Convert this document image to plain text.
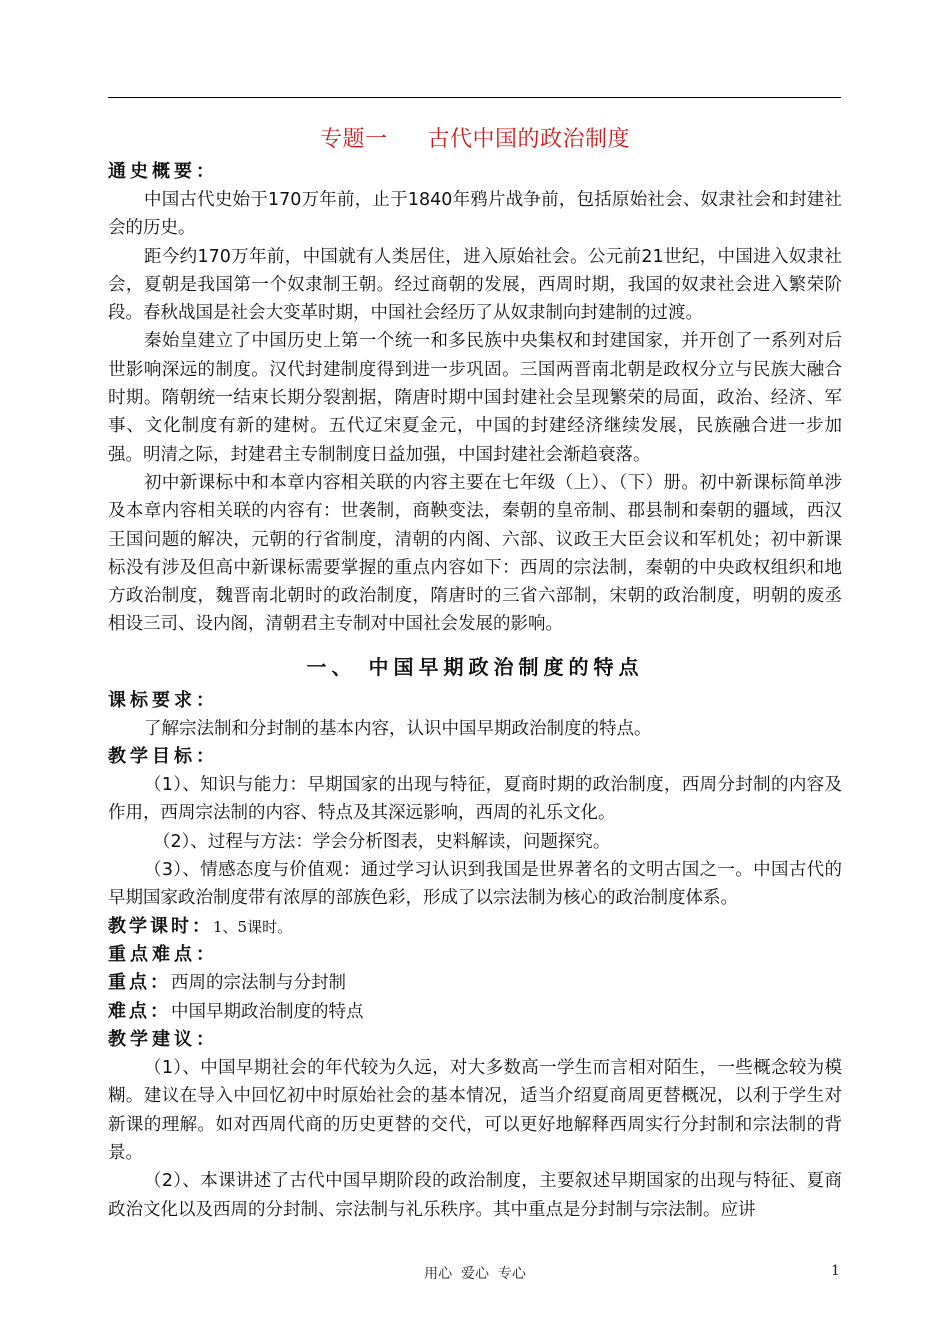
专题一 古代中国的政治制度
通史概要：

中国古代史始于170万年前，止于1840年鸦片战争前，包括原始社会、奴隶社会和封建社会的历史。

距今约170万年前，中国就有人类居住，进入原始社会。公元前21世纪，中国进入奴隶社会，夏朝是我国第一个奴隶制王朝。经过商朝的发展，西周时期，我国的奴隶社会进入繁荣阶段。春秋战国是社会大变革时期，中国社会经历了从奴隶制向封建制的过渡。

秦始皇建立了中国历史上第一个统一和多民族中央集权和封建国家，并开创了一系列对后世影响深远的制度。汉代封建制度得到进一步巩固。三国两晋南北朝是政权分立与民族大融合时期。隋朝统一结束长期分裂割据，隋唐时期中国封建社会呈现繁荣的局面，政治、经济、军事、文化制度有新的建树。五代辽宋夏金元，中国的封建经济继续发展，民族融合进一步加强。明清之际，封建君主专制制度日益加强，中国封建社会渐趋衰落。

初中新课标中和本章内容相关联的内容主要在七年级（上）、（下）册。初中新课标简单涉及本章内容相关联的内容有：世袭制，商鞅变法，秦朝的皇帝制、郡县制和秦朝的疆域，西汉王国问题的解决，元朝的行省制度，清朝的内阁、六部、议政王大臣会议和军机处；初中新课标没有涉及但高中新课标需要掌握的重点内容如下：西周的宗法制，秦朝的中央政权组织和地方政治制度，魏晋南北朝时的政治制度，隋唐时的三省六部制，宋朝的政治制度，明朝的废丞相设三司、设内阁，清朝君主专制对中国社会发展的影响。

一、 中国早期政治制度的特点
课标要求：

了解宗法制和分封制的基本内容，认识中国早期政治制度的特点。

教学目标：

（1）、知识与能力：早期国家的出现与特征，夏商时期的政治制度，西周分封制的内容及作用，西周宗法制的内容、特点及其深远影响，西周的礼乐文化。

（2）、过程与方法：学会分析图表，史料解读，问题探究。

（3）、情感态度与价值观：通过学习认识到我国是世界著名的文明古国之一。中国古代的早期国家政治制度带有浓厚的部族色彩，形成了以宗法制为核心的政治制度体系。

教学课时：1、5课时。
重点难点：
重点：西周的宗法制与分封制
难点：中国早期政治制度的特点
教学建议：

（1）、中国早期社会的年代较为久远，对大多数高一学生而言相对陌生，一些概念较为模糊。建议在导入中回忆初中时原始社会的基本情况，适当介绍夏商周更替概况，以利于学生对新课的理解。如对西周代商的历史更替的交代，可以更好地解释西周实行分封制和宗法制的背景。

（2）、本课讲述了古代中国早期阶段的政治制度，主要叙述早期国家的出现与特征、夏商政治文化以及西周的分封制、宗法制与礼乐秩序。其中重点是分封制与宗法制。应讲

用心  爱心  专心	1
